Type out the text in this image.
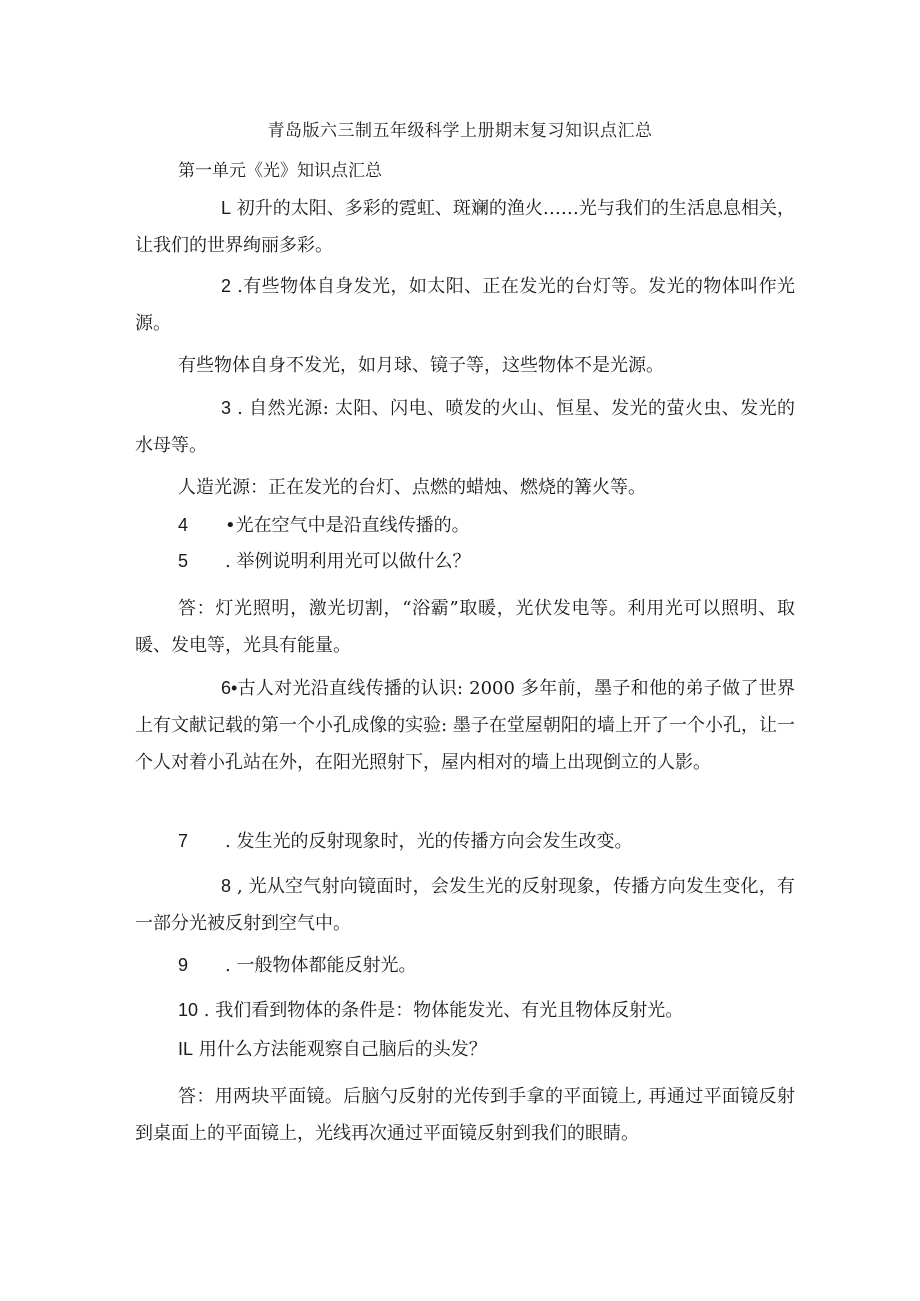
青岛版六三制五年级科学上册期末复习知识点汇总
第一单元《光》知识点汇总

L 初升的太阳、多彩的霓虹、斑斓的渔火……光与我们的生活息息相关，让我们的世界绚丽多彩。

2 .有些物体自身发光，如太阳、正在发光的台灯等。发光的物体叫作光源。

有些物体自身不发光，如月球、镜子等，这些物体不是光源。

3 . 自然光源: 太阳、闪电、喷发的火山、恒星、发光的萤火虫、发光的水母等。

人造光源：正在发光的台灯、点燃的蜡烛、燃烧的篝火等。

4 •光在空气中是沿直线传播的。

5 . 举例说明利用光可以做什么？

答：灯光照明，激光切割，“浴霸”取暖，光伏发电等。利用光可以照明、取暖、发电等，光具有能量。

6•古人对光沿直线传播的认识: 2000 多年前，墨子和他的弟子做了世界上有文献记载的第一个小孔成像的实验: 墨子在堂屋朝阳的墙上开了一个小孔，让一个人对着小孔站在外，在阳光照射下，屋内相对的墙上出现倒立的人影。

7 . 发生光的反射现象时，光的传播方向会发生改变。

8 , 光从空气射向镜面时，会发生光的反射现象，传播方向发生变化，有一部分光被反射到空气中。

9 . 一般物体都能反射光。

10 . 我们看到物体的条件是：物体能发光、有光且物体反射光。

IL 用什么方法能观察自己脑后的头发？

答：用两块平面镜。后脑勺反射的光传到手拿的平面镜上, 再通过平面镜反射到桌面上的平面镜上，光线再次通过平面镜反射到我们的眼睛。
